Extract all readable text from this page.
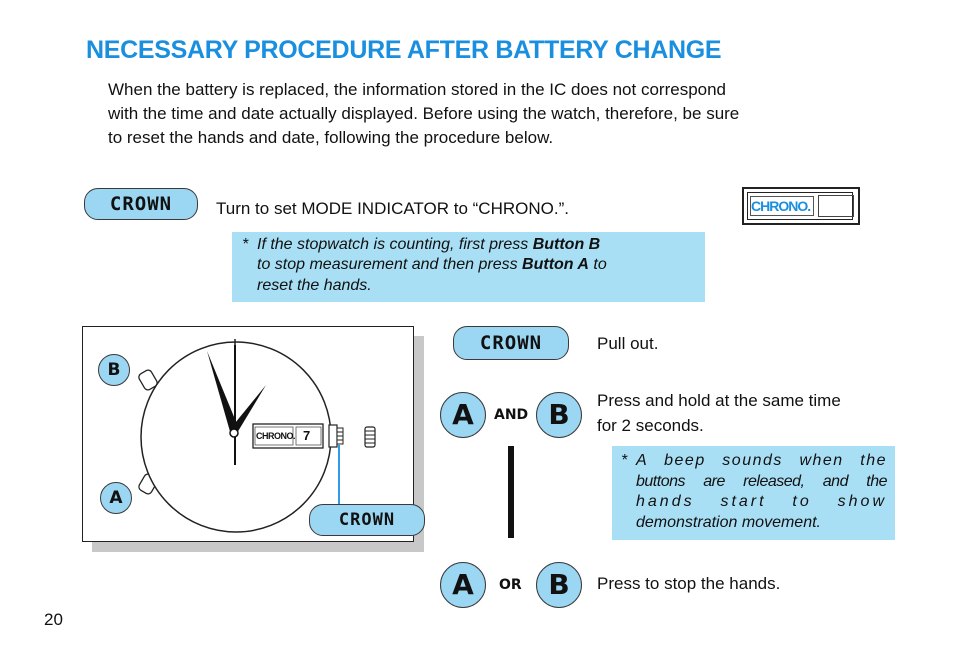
NECESSARY PROCEDURE AFTER BATTERY CHANGE
When the battery is replaced, the information stored in the IC does not correspond
with the time and date actually displayed. Before using the watch, therefore, be sure
to reset the hands and date, following the procedure below.
CROWN	Turn to set MODE INDICATOR to “CHRONO.”.	CHRONO.
* If the stopwatch is counting, first press Button B
to stop measurement and then press Button A to
reset the hands.
CHRONO. 7
B
A
CROWN
CROWN	Pull out.
A	AND B	Press and hold at the same time
for 2 seconds.
* A beep sounds when the
buttons are released, and the
hands start to show
demonstration movement.
A	OR B	Press to stop the hands.
20
